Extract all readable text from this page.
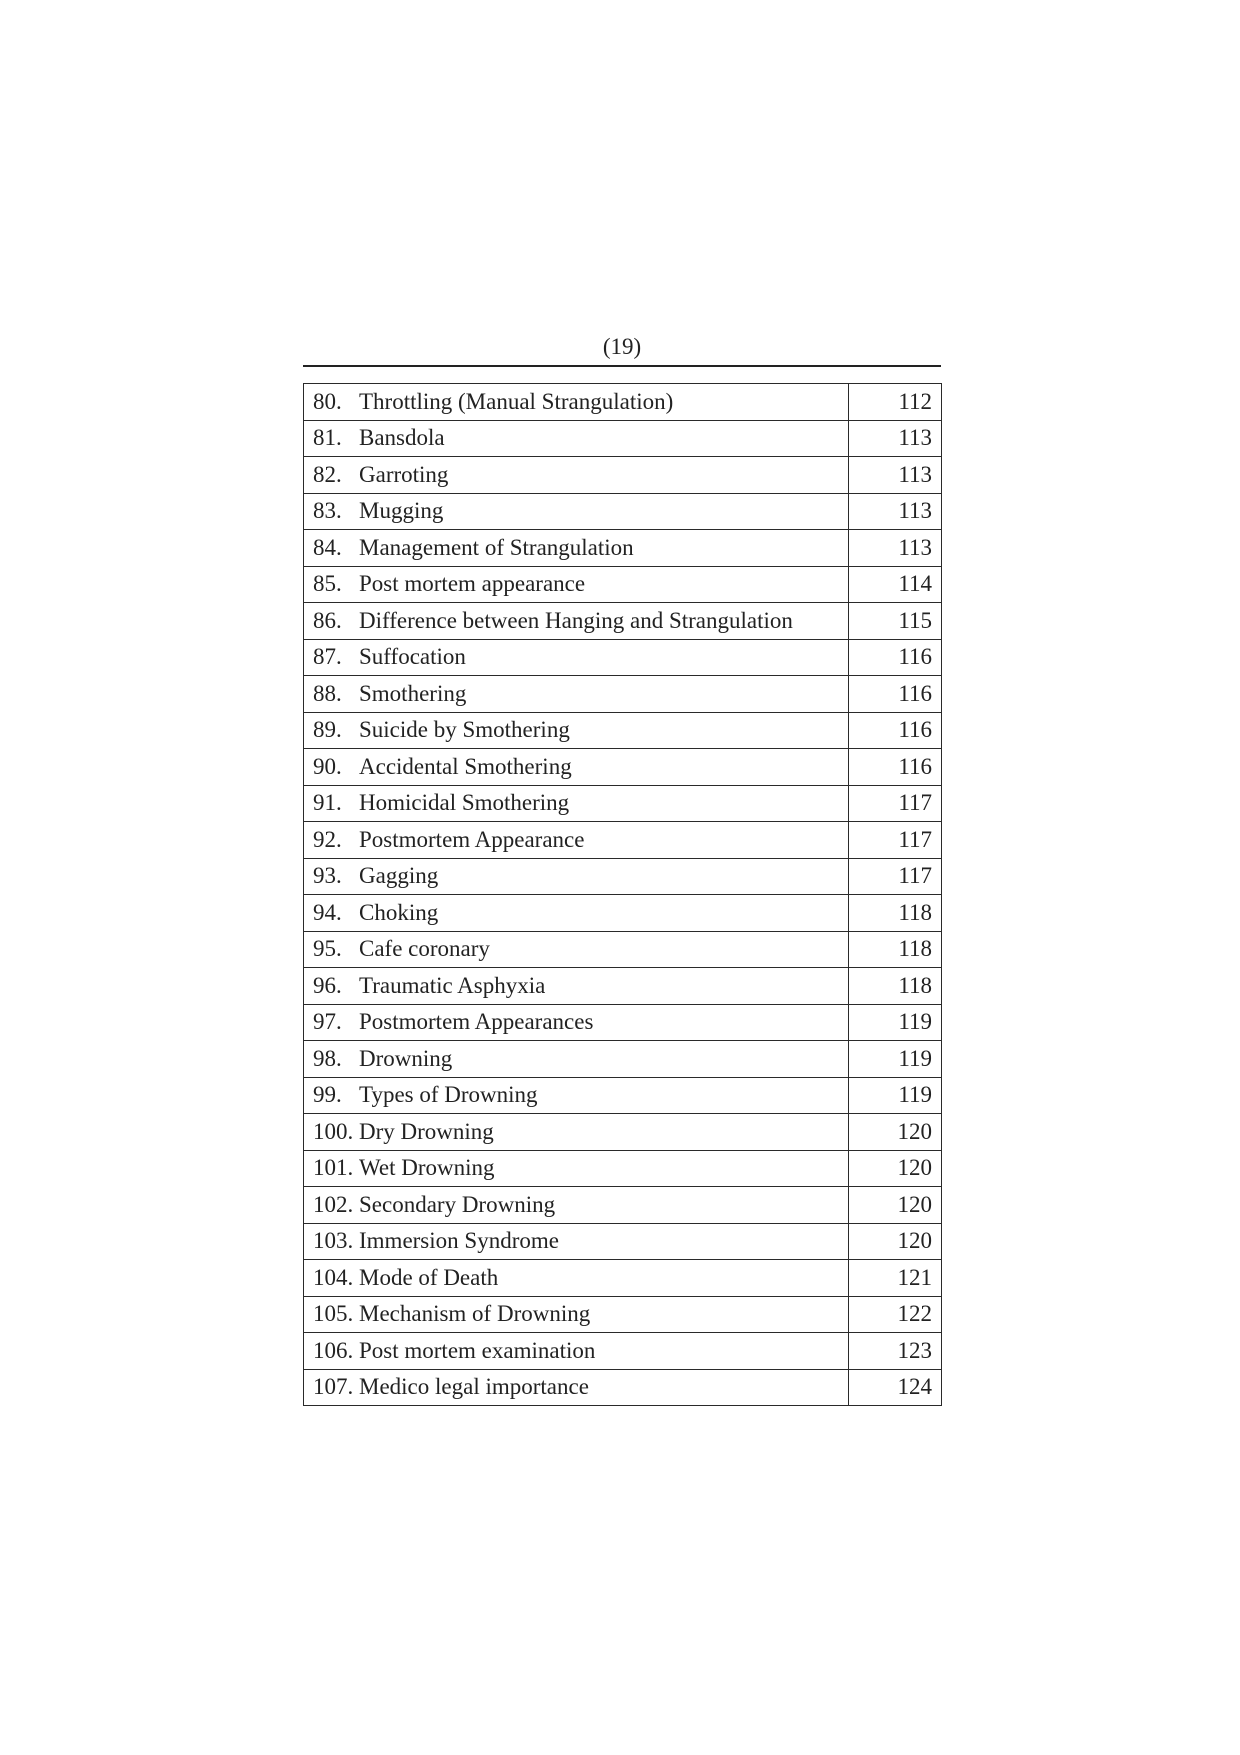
(19)
80. Throttling (Manual Strangulation)	112
81. Bansdola	113
82. Garroting	113
83. Mugging	113
84. Management of Strangulation	113
85. Post mortem appearance	114
86. Difference between Hanging and Strangulation	115
87. Suffocation	116
88. Smothering	116
89. Suicide by Smothering	116
90. Accidental Smothering	116
91. Homicidal Smothering	117
92. Postmortem Appearance	117
93. Gagging	117
94. Choking	118
95. Cafe coronary	118
96. Traumatic Asphyxia	118
97. Postmortem Appearances	119
98. Drowning	119
99. Types of Drowning	119
100. Dry Drowning	120
101. Wet Drowning	120
102. Secondary Drowning	120
103. Immersion Syndrome	120
104. Mode of Death	121
105. Mechanism of Drowning	122
106. Post mortem examination	123
107. Medico legal importance	124
